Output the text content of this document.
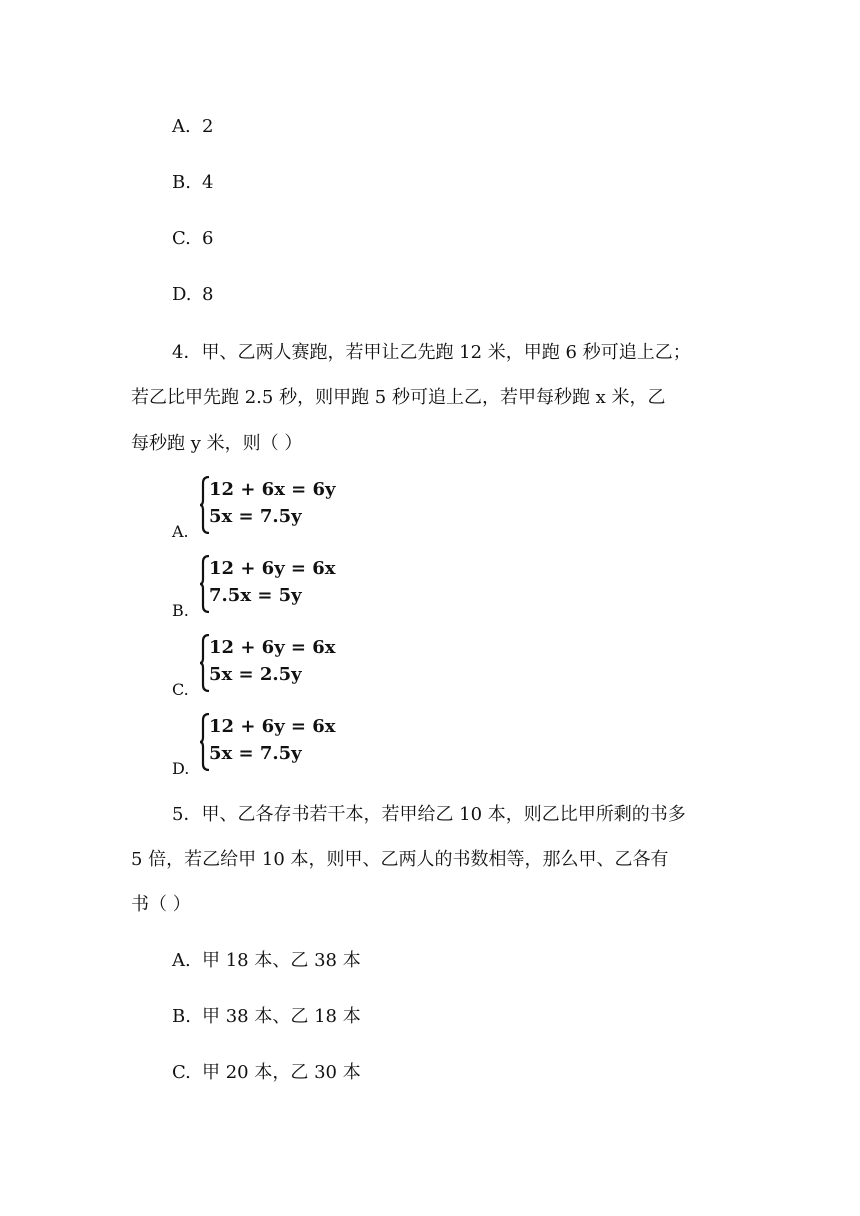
A. 2
B. 4
C. 6
D. 8
4．甲、乙两人赛跑，若甲让乙先跑 12 米，甲跑 6 秒可追上乙；
若乙比甲先跑 2.5 秒，则甲跑 5 秒可追上乙，若甲每秒跑 x 米，乙
每秒跑 y 米，则（ ）
A.
12 + 6x = 6y
5x = 7.5y
B.
12 + 6y = 6x
7.5x = 5y
C.
12 + 6y = 6x
5x = 2.5y
D.
12 + 6y = 6x
5x = 7.5y
5．甲、乙各存书若干本，若甲给乙 10 本，则乙比甲所剩的书多
5 倍，若乙给甲 10 本，则甲、乙两人的书数相等，那么甲、乙各有
书（ ）
A. 甲 18 本、乙 38 本
B. 甲 38 本、乙 18 本
C. 甲 20 本，乙 30 本
